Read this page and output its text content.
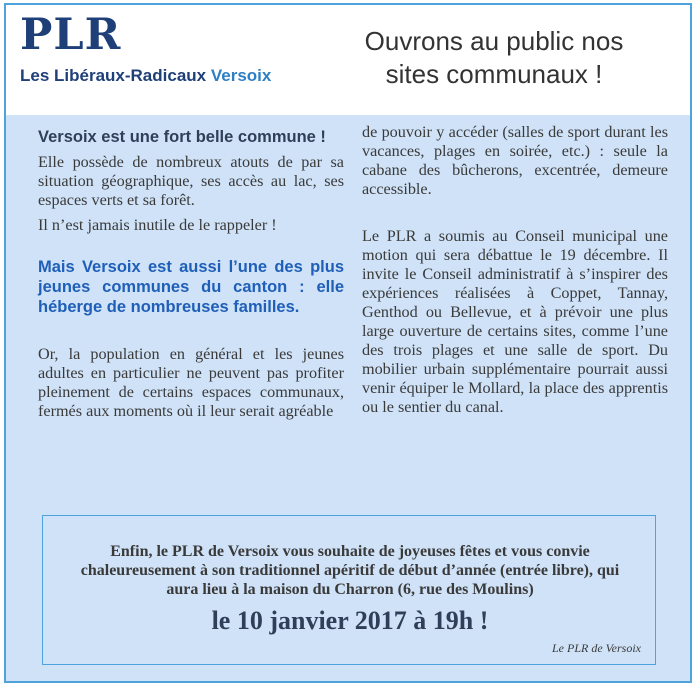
PLR
Les Libéraux-Radicaux Versoix
Ouvrons au public nos
sites communaux !

Versoix est une fort belle commune !

Elle possède de nombreux atouts de par sa situation géographique, ses accès au lac, ses espaces verts et sa forêt.

Il n’est jamais inutile de le rappeler !

Mais Versoix est aussi l’une des plus jeunes communes du canton : elle héberge de nombreuses familles.

Or, la population en général et les jeunes adultes en particulier ne peuvent pas profiter pleinement de certains espaces communaux, fermés aux moments où il leur serait agréable

de pouvoir y accéder (salles de sport durant les vacances, plages en soirée, etc.) : seule la cabane des bûcherons, excentrée, demeure accessible.

Le PLR a soumis au Conseil municipal une motion qui sera débattue le 19 décembre. Il invite le Conseil administratif à s’inspirer des expériences réalisées à Coppet, Tannay, Genthod ou Bellevue, et à prévoir une plus large ouverture de certains sites, comme l’une des trois plages et une salle de sport. Du mobilier urbain supplémentaire pourrait aussi venir équiper le Mollard, la place des apprentis ou le sentier du canal.

Enfin, le PLR de Versoix vous souhaite de joyeuses fêtes et vous convie chaleureusement à son traditionnel apéritif de début d’année (entrée libre), qui aura lieu à la maison du Charron (6, rue des Moulins)
le 10 janvier 2017 à 19h !
Le PLR de Versoix
